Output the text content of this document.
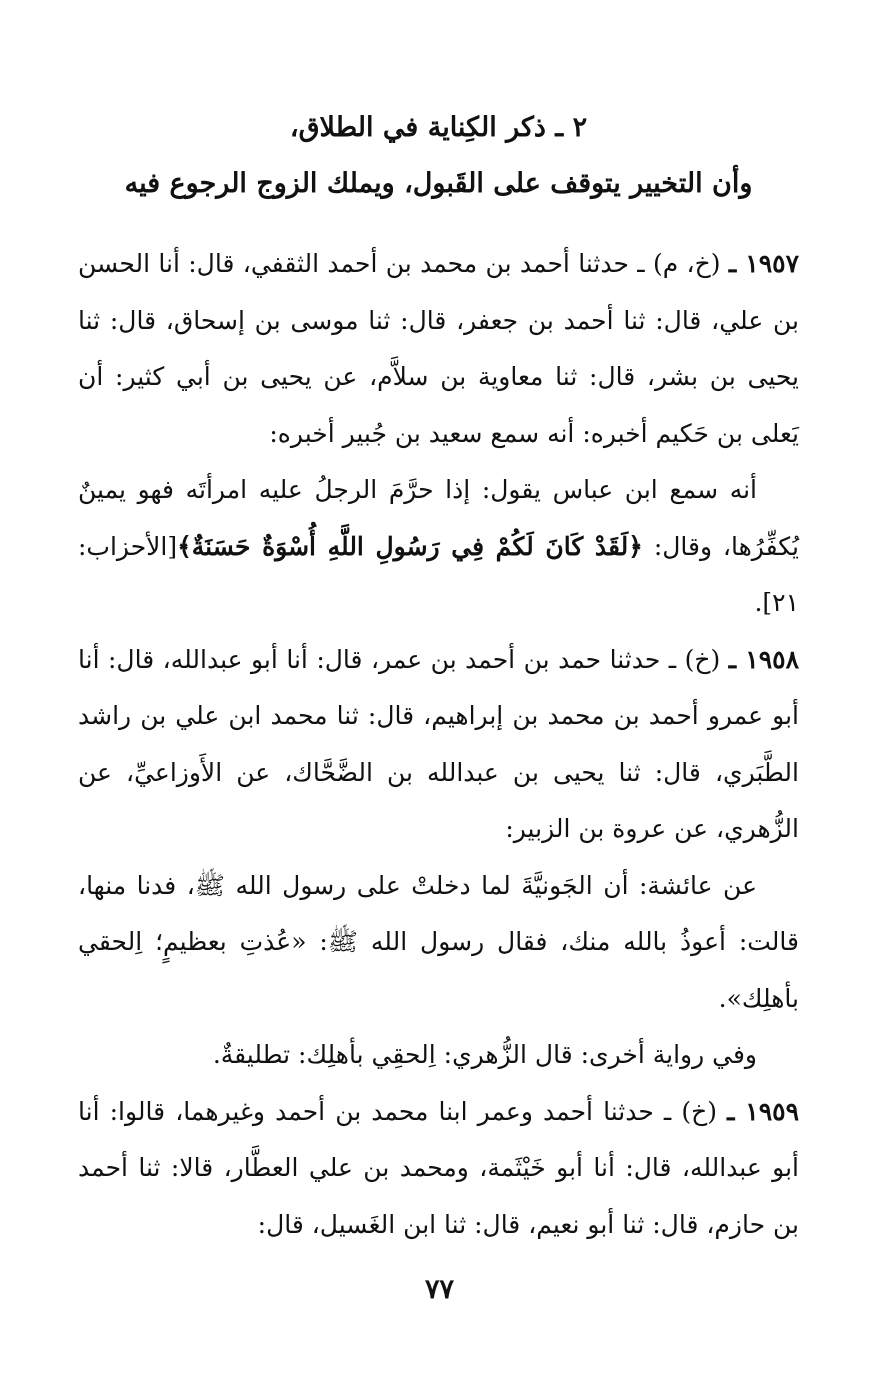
٢ ـ ذكر الكِناية في الطلاق،
وأن التخيير يتوقف على القَبول، ويملك الزوج الرجوع فيه

١٩٥٧ ـ (خ، م) ـ حدثنا أحمد بن محمد بن أحمد الثقفي، قال: أنا الحسن بن علي، قال: ثنا أحمد بن جعفر، قال: ثنا موسى بن إسحاق، قال: ثنا يحيى بن بشر، قال: ثنا معاوية بن سلاَّم، عن يحيى بن أبي كثير: أن يَعلى بن حَكيم أخبره: أنه سمع سعيد بن جُبير أخبره:

أنه سمع ابن عباس يقول: إذا حرَّمَ الرجلُ عليه امرأتَه فهو يمينٌ يُكفِّرُها، وقال: ﴿لَقَدْ كَانَ لَكُمْ فِي رَسُولِ اللَّهِ أُسْوَةٌ حَسَنَةٌ﴾[الأحزاب: ٢١].

١٩٥٨ ـ (خ) ـ حدثنا حمد بن أحمد بن عمر، قال: أنا أبو عبدالله، قال: أنا أبو عمرو أحمد بن محمد بن إبراهيم، قال: ثنا محمد ابن علي بن راشد الطَّبَري، قال: ثنا يحيى بن عبدالله بن الضَّحَّاك، عن الأَوزاعيِّ، عن الزُّهري، عن عروة بن الزبير:

عن عائشة: أن الجَونيَّةَ لما دخلتْ على رسول الله ﷺ، فدنا منها، قالت: أعوذُ بالله منك، فقال رسول الله ﷺ: «عُذتِ بعظيمٍ؛ اِلحقي بأهلِك».

وفي رواية أخرى: قال الزُّهري: اِلحقِي بأهلِك: تطليقةٌ.

١٩٥٩ ـ (خ) ـ حدثنا أحمد وعمر ابنا محمد بن أحمد وغيرهما، قالوا: أنا أبو عبدالله، قال: أنا أبو خَيْثَمة، ومحمد بن علي العطَّار، قالا: ثنا أحمد بن حازم، قال: ثنا أبو نعيم، قال: ثنا ابن الغَسيل، قال:

٧٧
